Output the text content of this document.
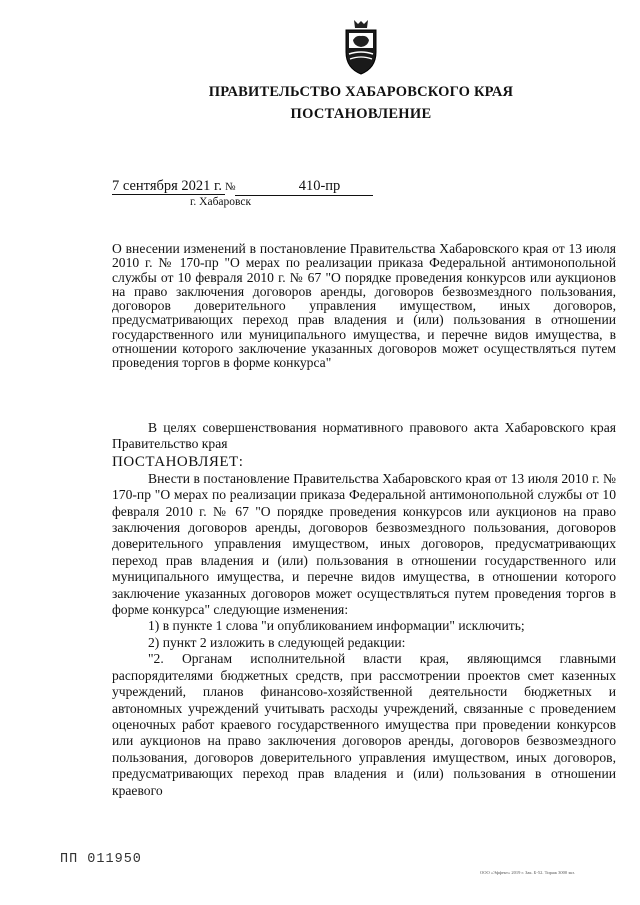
ПРАВИТЕЛЬСТВО ХАБАРОВСКОГО КРАЯ
ПОСТАНОВЛЕНИЕ
7 сентября 2021 г. №	410-пр
г. Хабаровск
О внесении изменений в постановление Правительства Хабаровского края от 13 июля 2010 г. № 170-пр "О мерах по реализации приказа Федеральной антимонопольной службы от 10 февраля 2010 г. № 67 "О порядке проведения конкурсов или аукционов на право заключения договоров аренды, договоров безвозмездного пользования, договоров доверительного управления имуществом, иных договоров, предусматривающих переход прав владения и (или) пользования в отношении государственного или муниципального имущества, и перечне видов имущества, в отношении которого заключение указанных договоров может осуществляться путем проведения торгов в форме конкурса"

В целях совершенствования нормативного правового акта Хабаровского края Правительство края

ПОСТАНОВЛЯЕТ:

Внести в постановление Правительства Хабаровского края от 13 июля 2010 г. № 170-пр "О мерах по реализации приказа Федеральной антимонопольной службы от 10 февраля 2010 г. № 67 "О порядке проведения конкурсов или аукционов на право заключения договоров аренды, договоров безвозмездного пользования, договоров доверительного управления имуществом, иных договоров, предусматривающих переход прав владения и (или) пользования в отношении государственного или муниципального имущества, и перечне видов имущества, в отношении которого заключение указанных договоров может осуществляться путем проведения торгов в форме конкурса" следующие изменения:

1) в пункте 1 слова "и опубликованием информации" исключить;

2) пункт 2 изложить в следующей редакции:

"2. Органам исполнительной власти края, являющимся главными распорядителями бюджетных средств, при рассмотрении проектов смет казенных учреждений, планов финансово-хозяйственной деятельности бюджетных и автономных учреждений учитывать расходы учреждений, связанные с проведением оценочных работ краевого государственного имущества при проведении конкурсов или аукционов на право заключения договоров аренды, договоров безвозмездного пользования, договоров доверительного управления имуществом, иных договоров, предусматривающих переход прав владения и (или) пользования в отношении краевого

ПП 011950
ООО «Эффект» 2019 г. Зак. Б-52. Тираж 3000 экз.
